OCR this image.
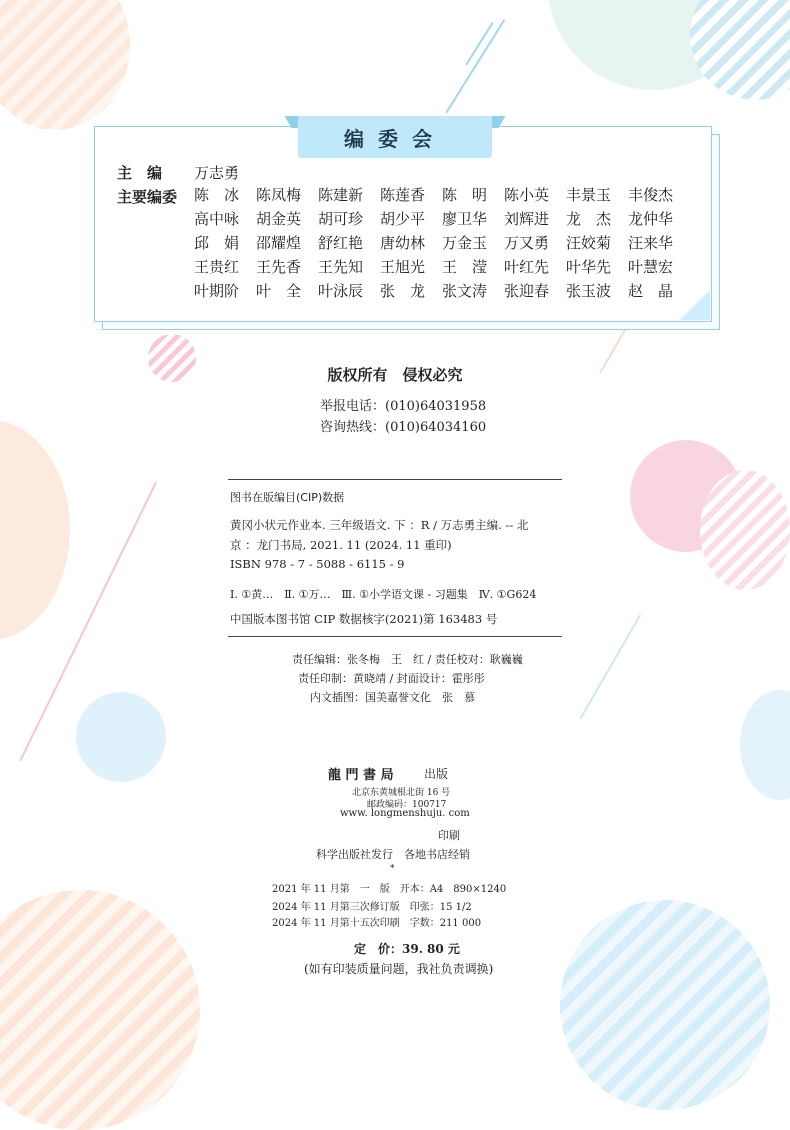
编委会
主　编 万志勇
主要编委 陈　冰	陈凤梅	陈建新	陈莲香	陈　明	陈小英	丰景玉	丰俊杰
高中咏	胡金英	胡可珍	胡少平	廖卫华	刘辉进	龙　杰	龙仲华
邱　娟	邵耀煌	舒红艳	唐幼林	万金玉	万又勇	汪姣菊	汪来华
王贵红	王先香	王先知	王旭光	王　滢	叶红先	叶华先	叶慧宏
叶期阶	叶　全	叶泳辰	张　龙	张文涛	张迎春	张玉波	赵　晶
版权所有　侵权必究
举报电话：(010)64031958
咨询热线：(010)64034160
图书在版编目(CIP)数据
黄冈小状元作业本. 三年级语文. 下 ：R / 万志勇主编. -- 北
京 ：龙门书局, 2021. 11 (2024. 11 重印)
ISBN 978 - 7 - 5088 - 6115 - 9
Ⅰ. ①黄…　Ⅱ. ①万…　Ⅲ. ①小学语文课 - 习题集　Ⅳ. ①G624
中国版本图书馆 CIP 数据核字(2021)第 163483 号
责任编辑：张冬梅　王　红 / 责任校对：耿巍巍
责任印制：黄晓靖 / 封面设计：霍彤彤
内文插图：国美嘉誉文化　张　慕
龍 門 書 局	出版
北京东黄城根北街 16 号
邮政编码：100717
www. longmenshuju. com
印刷
科学出版社发行　各地书店经销
*
2021 年 11 月第　一　版　开本：A4　890×1240
2024 年 11 月第三次修订版　印张：15 1/2
2024 年 11 月第十五次印刷　字数：211 000
定　价：39. 80 元
(如有印装质量问题，我社负责调换)
